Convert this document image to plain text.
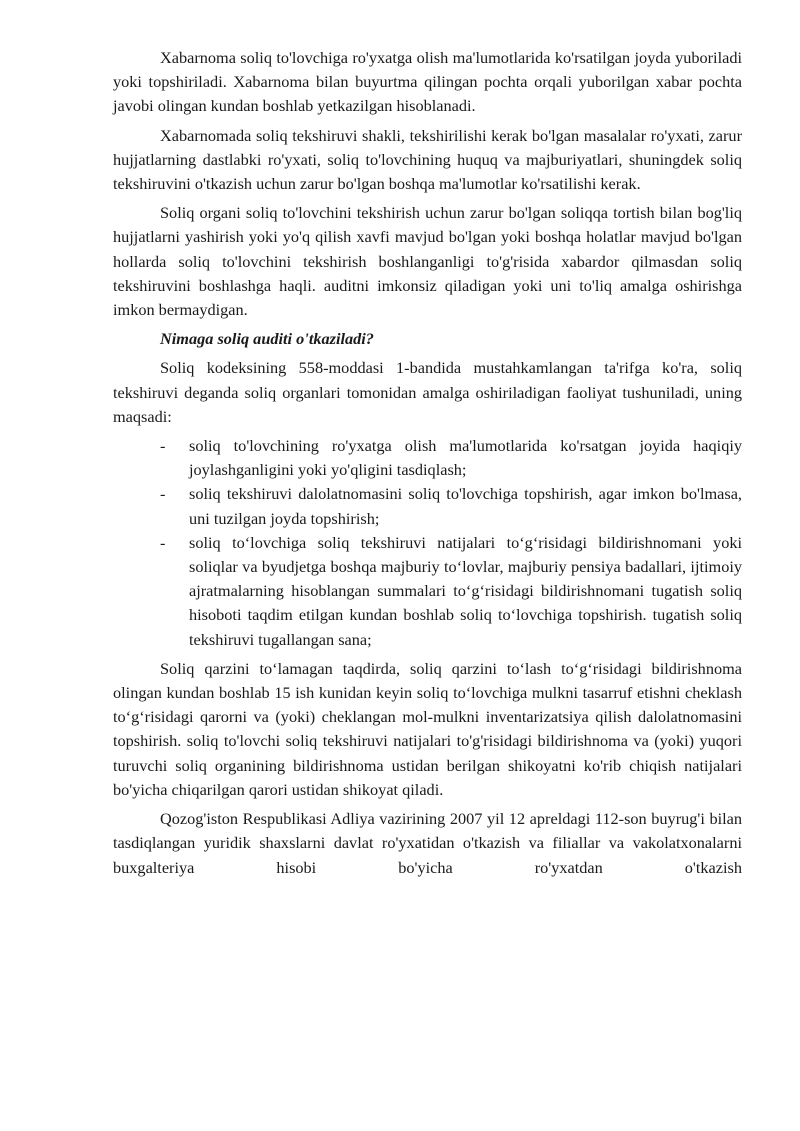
Xabarnoma soliq to'lovchiga ro'yxatga olish ma'lumotlarida ko'rsatilgan joyda yuboriladi yoki topshiriladi. Xabarnoma bilan buyurtma qilingan pochta orqali yuborilgan xabar pochta javobi olingan kundan boshlab yetkazilgan hisoblanadi.

Xabarnomada soliq tekshiruvi shakli, tekshirilishi kerak bo'lgan masalalar ro'yxati, zarur hujjatlarning dastlabki ro'yxati, soliq to'lovchining huquq va majburiyatlari, shuningdek soliq tekshiruvini o'tkazish uchun zarur bo'lgan boshqa ma'lumotlar ko'rsatilishi kerak.

Soliq organi soliq to'lovchini tekshirish uchun zarur bo'lgan soliqqa tortish bilan bog'liq hujjatlarni yashirish yoki yo'q qilish xavfi mavjud bo'lgan yoki boshqa holatlar mavjud bo'lgan hollarda soliq to'lovchini tekshirish boshlanganligi to'g'risida xabardor qilmasdan soliq tekshiruvini boshlashga haqli. auditni imkonsiz qiladigan yoki uni to'liq amalga oshirishga imkon bermaydigan.

Nimaga soliq auditi o'tkaziladi?

Soliq kodeksining 558-moddasi 1-bandida mustahkamlangan ta'rifga ko'ra, soliq tekshiruvi deganda soliq organlari tomonidan amalga oshiriladigan faoliyat tushuniladi, uning maqsadi:

- soliq to'lovchining ro'yxatga olish ma'lumotlarida ko'rsatgan joyida haqiqiy joylashganligini yoki yo'qligini tasdiqlash;
- soliq tekshiruvi dalolatnomasini soliq to'lovchiga topshirish, agar imkon bo'lmasa, uni tuzilgan joyda topshirish;
- soliq to‘lovchiga soliq tekshiruvi natijalari to‘g‘risidagi bildirishnomani yoki soliqlar va byudjetga boshqa majburiy to‘lovlar, majburiy pensiya badallari, ijtimoiy ajratmalarning hisoblangan summalari to‘g‘risidagi bildirishnomani tugatish soliq hisoboti taqdim etilgan kundan boshlab soliq to‘lovchiga topshirish. tugatish soliq tekshiruvi tugallangan sana;

Soliq qarzini to‘lamagan taqdirda, soliq qarzini to‘lash to‘g‘risidagi bildirishnoma olingan kundan boshlab 15 ish kunidan keyin soliq to‘lovchiga mulkni tasarruf etishni cheklash to‘g‘risidagi qarorni va (yoki) cheklangan mol-mulkni inventarizatsiya qilish dalolatnomasini topshirish. soliq to'lovchi soliq tekshiruvi natijalari to'g'risidagi bildirishnoma va (yoki) yuqori turuvchi soliq organining bildirishnoma ustidan berilgan shikoyatni ko'rib chiqish natijalari bo'yicha chiqarilgan qarori ustidan shikoyat qiladi.

Qozog'iston Respublikasi Adliya vazirining 2007 yil 12 apreldagi 112-son buyrug'i bilan tasdiqlangan yuridik shaxslarni davlat ro'yxatidan o'tkazish va filiallar va vakolatxonalarni buxgalteriya hisobi bo'yicha ro'yxatdan o'tkazish
